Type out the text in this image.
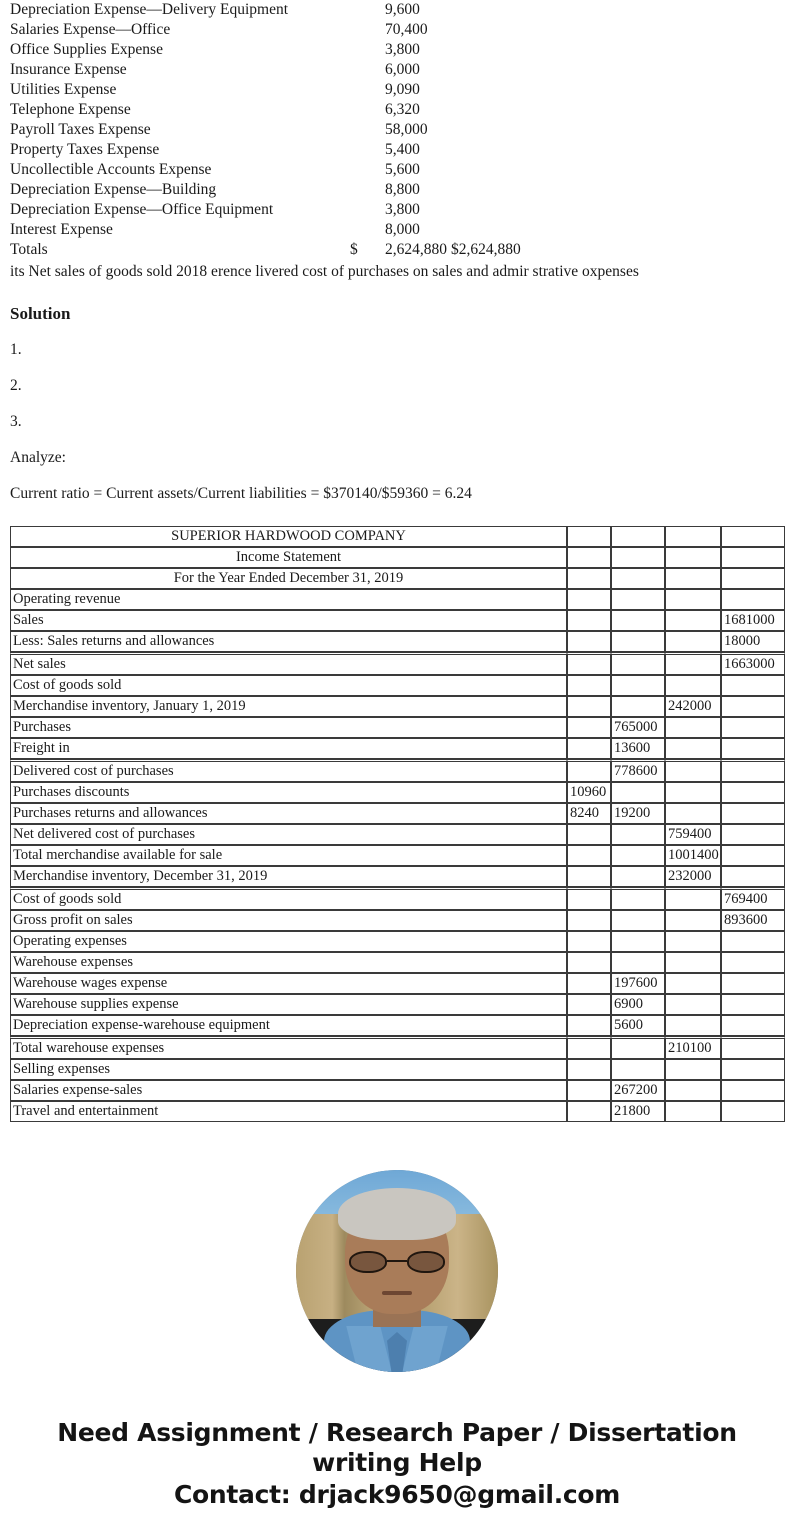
Depreciation Expense—Delivery Equipment	9,600
Salaries Expense—Office	70,400
Office Supplies Expense	3,800
Insurance Expense	6,000
Utilities Expense	9,090
Telephone Expense	6,320
Payroll Taxes Expense	58,000
Property Taxes Expense	5,400
Uncollectible Accounts Expense	5,600
Depreciation Expense—Building	8,800
Depreciation Expense—Office Equipment	3,800
Interest Expense	8,000
Totals	$	2,624,880 $2,624,880
its Net sales of goods sold 2018 erence livered cost of purchases on sales and admir strative oxpenses
Solution
1.
2.
3.
Analyze:
Current ratio = Current assets/Current liabilities = $370140/$59360 = 6.24
SUPERIOR HARDWOOD COMPANY				
Income Statement				
For the Year Ended December 31, 2019				
Operating revenue				
Sales				1681000
Less: Sales returns and allowances				18000
Net sales				1663000
Cost of goods sold				
Merchandise inventory, January 1, 2019			242000	
Purchases		765000		
Freight in		13600		
Delivered cost of purchases		778600		
Purchases discounts	10960			
Purchases returns and allowances	8240	19200		
Net delivered cost of purchases			759400	
Total merchandise available for sale			1001400	
Merchandise inventory, December 31, 2019			232000	
Cost of goods sold				769400
Gross profit on sales				893600
Operating expenses				
Warehouse expenses				
Warehouse wages expense		197600		
Warehouse supplies expense		6900		
Depreciation expense-warehouse equipment		5600		
Total warehouse expenses			210100	
Selling expenses				
Salaries expense-sales		267200		
Travel and entertainment		21800		
Need Assignment / Research Paper / Dissertation
writing Help
Contact: drjack9650@gmail.com
